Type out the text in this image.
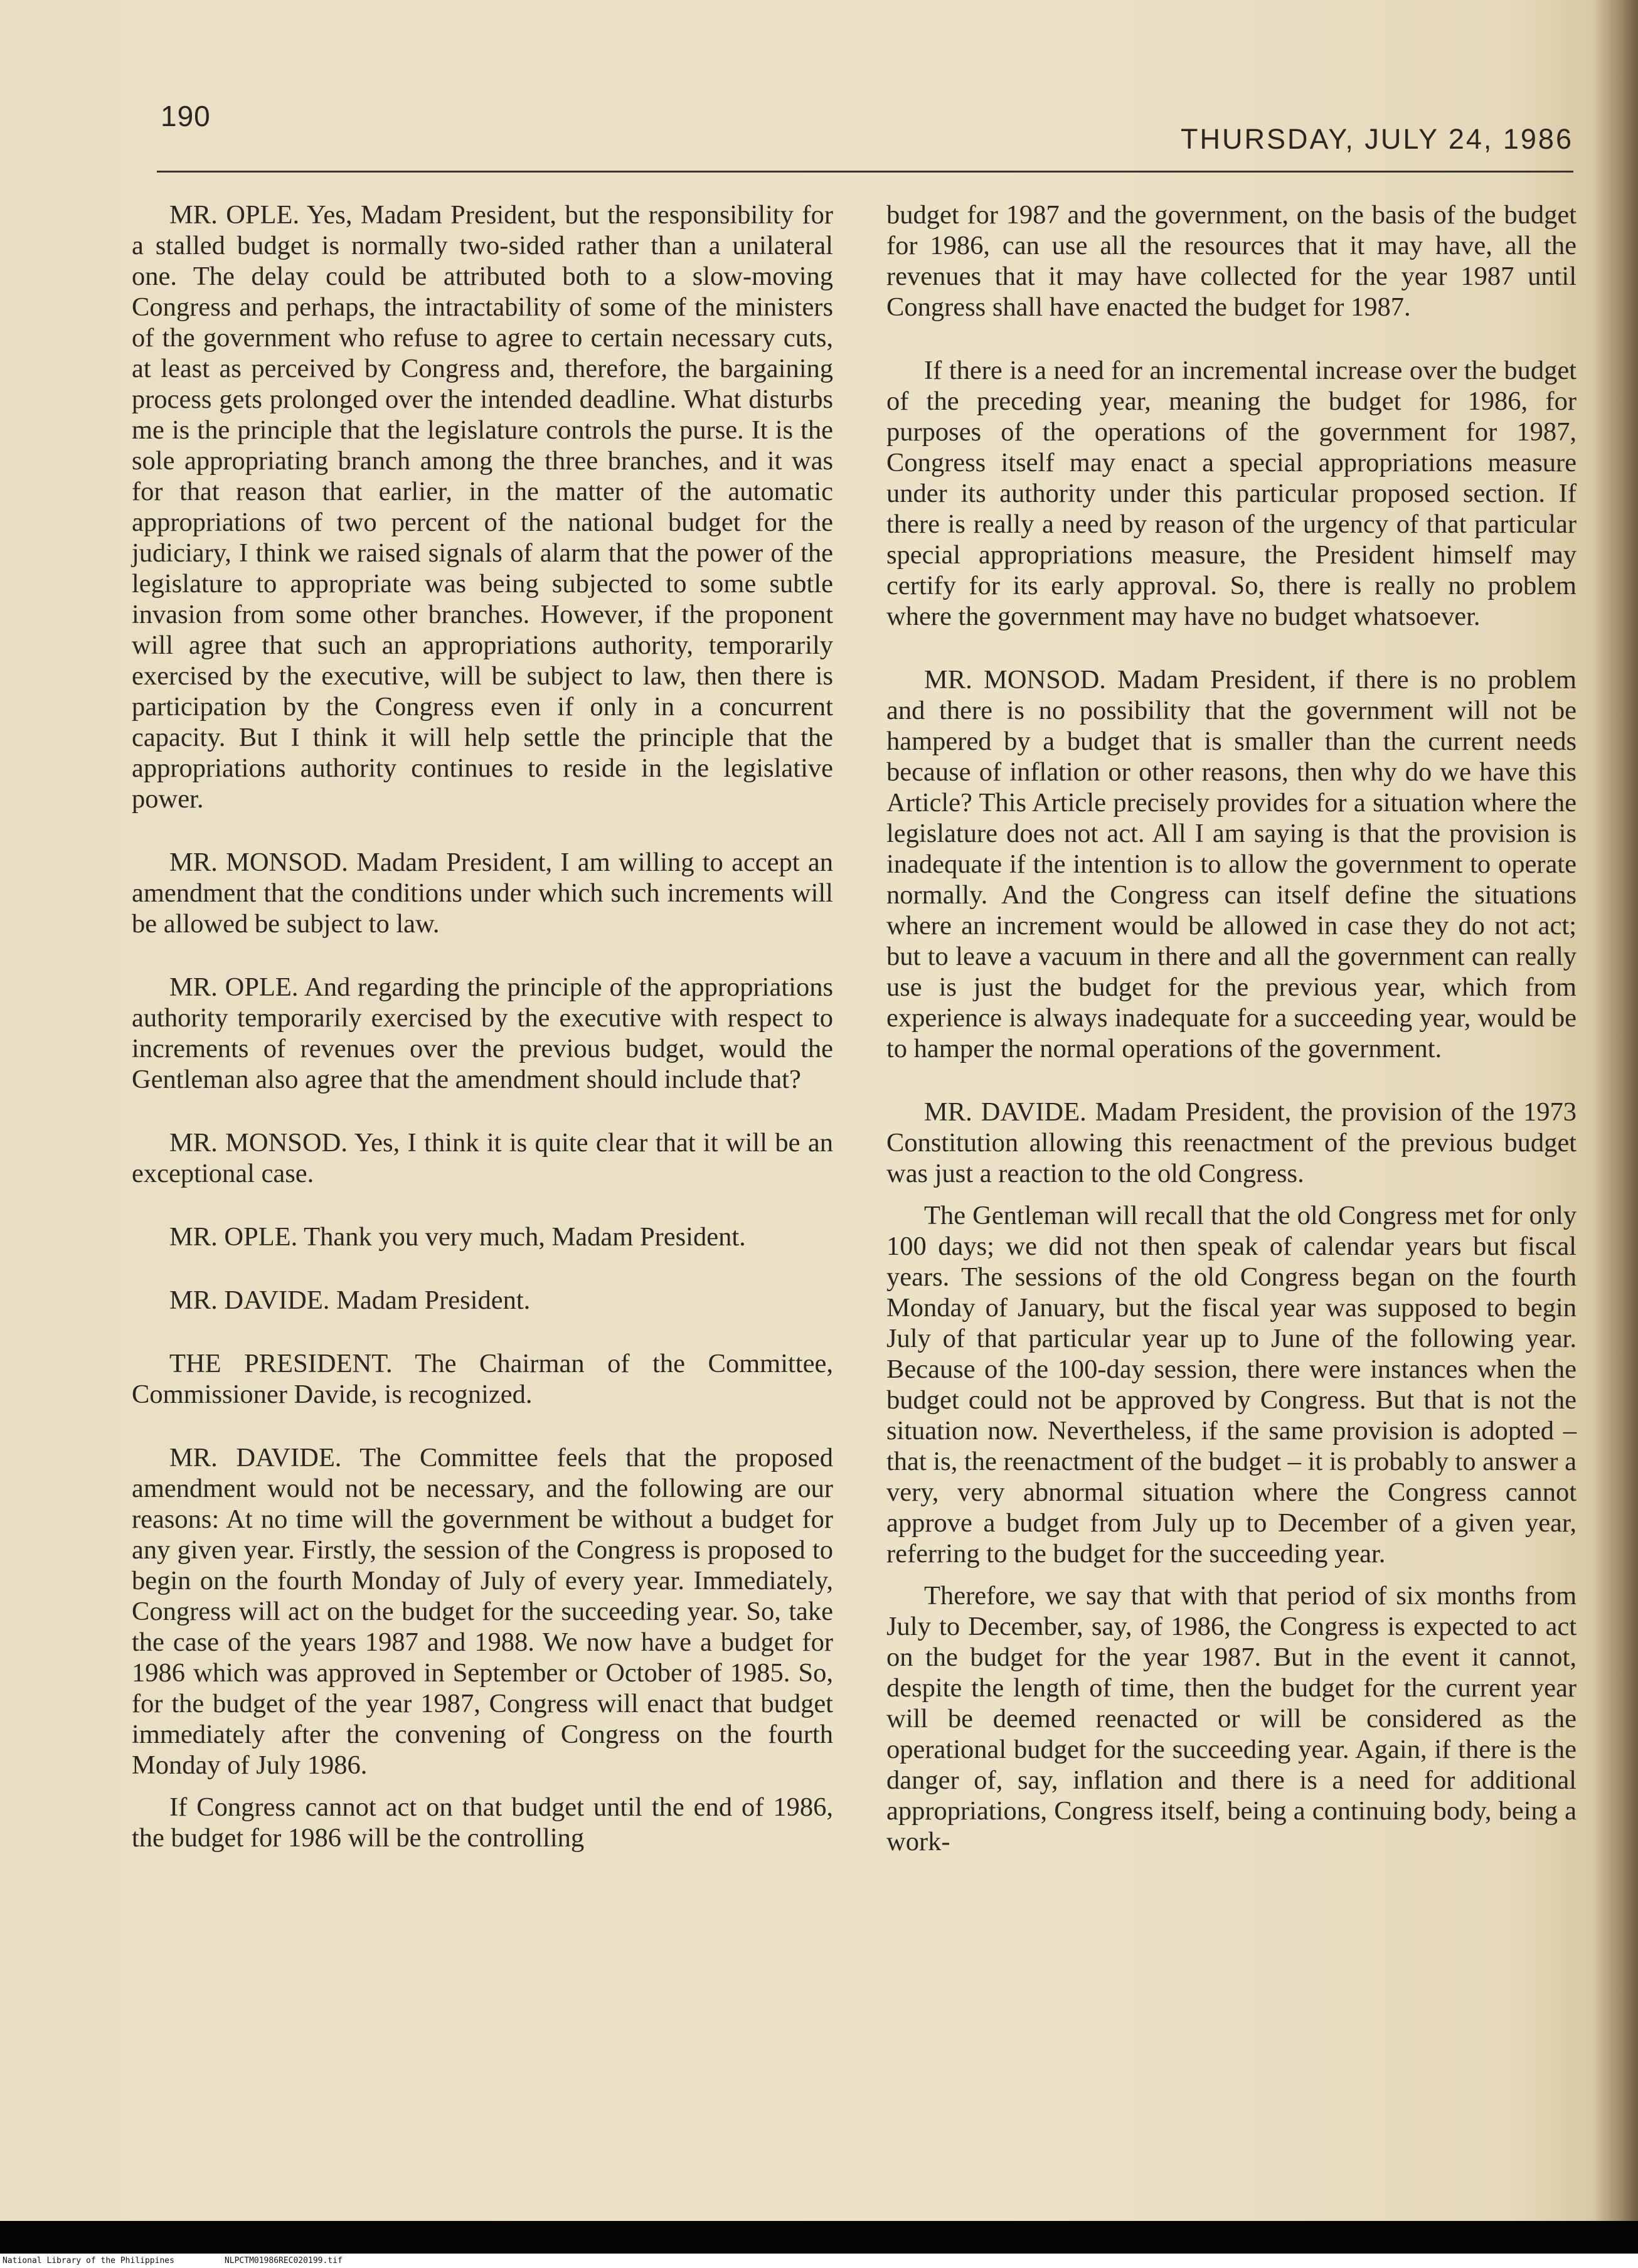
190
THURSDAY, JULY 24, 1986

MR. OPLE. Yes, Madam President, but the responsibility for a stalled budget is normally two-sided rather than a unilateral one. The delay could be attributed both to a slow-moving Congress and perhaps, the intractability of some of the ministers of the government who refuse to agree to certain necessary cuts, at least as perceived by Congress and, therefore, the bargaining process gets prolonged over the intended deadline. What disturbs me is the principle that the legislature controls the purse. It is the sole appropriating branch among the three branches, and it was for that reason that earlier, in the matter of the automatic appropriations of two percent of the national budget for the judiciary, I think we raised signals of alarm that the power of the legislature to appropriate was being subjected to some subtle invasion from some other branches. However, if the proponent will agree that such an appropriations authority, temporarily exercised by the executive, will be subject to law, then there is participation by the Congress even if only in a concurrent capacity. But I think it will help settle the principle that the appropriations authority continues to reside in the legislative power.

MR. MONSOD. Madam President, I am willing to accept an amendment that the conditions under which such increments will be allowed be subject to law.

MR. OPLE. And regarding the principle of the appropriations authority temporarily exercised by the executive with respect to increments of revenues over the previous budget, would the Gentleman also agree that the amendment should include that?

MR. MONSOD. Yes, I think it is quite clear that it will be an exceptional case.

MR. OPLE. Thank you very much, Madam President.

MR. DAVIDE. Madam President.

THE PRESIDENT. The Chairman of the Committee, Commissioner Davide, is recognized.

MR. DAVIDE. The Committee feels that the proposed amendment would not be necessary, and the following are our reasons: At no time will the government be without a budget for any given year. Firstly, the session of the Congress is proposed to begin on the fourth Monday of July of every year. Immediately, Congress will act on the budget for the succeeding year. So, take the case of the years 1987 and 1988. We now have a budget for 1986 which was approved in September or October of 1985. So, for the budget of the year 1987, Congress will enact that budget immediately after the convening of Congress on the fourth Monday of July 1986.

If Congress cannot act on that budget until the end of 1986, the budget for 1986 will be the controlling

budget for 1987 and the government, on the basis of the budget for 1986, can use all the resources that it may have, all the revenues that it may have collected for the year 1987 until Congress shall have enacted the budget for 1987.

If there is a need for an incremental increase over the budget of the preceding year, meaning the budget for 1986, for purposes of the operations of the government for 1987, Congress itself may enact a special appropriations measure under its authority under this particular proposed section. If there is really a need by reason of the urgency of that particular special appropriations measure, the President himself may certify for its early approval. So, there is really no problem where the government may have no budget whatsoever.

MR. MONSOD. Madam President, if there is no problem and there is no possibility that the government will not be hampered by a budget that is smaller than the current needs because of inflation or other reasons, then why do we have this Article? This Article precisely provides for a situation where the legislature does not act. All I am saying is that the provision is inadequate if the intention is to allow the government to operate normally. And the Congress can itself define the situations where an increment would be allowed in case they do not act; but to leave a vacuum in there and all the government can really use is just the budget for the previous year, which from experience is always inadequate for a succeeding year, would be to hamper the normal operations of the government.

MR. DAVIDE. Madam President, the provision of the 1973 Constitution allowing this reenactment of the previous budget was just a reaction to the old Congress.

The Gentleman will recall that the old Congress met for only 100 days; we did not then speak of calendar years but fiscal years. The sessions of the old Congress began on the fourth Monday of January, but the fiscal year was supposed to begin July of that particular year up to June of the following year. Because of the 100-day session, there were instances when the budget could not be approved by Congress. But that is not the situation now. Nevertheless, if the same provision is adopted – that is, the reenactment of the budget – it is probably to answer a very, very abnormal situation where the Congress cannot approve a budget from July up to December of a given year, referring to the budget for the succeeding year.

Therefore, we say that with that period of six months from July to December, say, of 1986, the Congress is expected to act on the budget for the year 1987. But in the event it cannot, despite the length of time, then the budget for the current year will be deemed reenacted or will be considered as the operational budget for the succeeding year. Again, if there is the danger of, say, inflation and there is a need for additional appropriations, Congress itself, being a continuing body, being a work-

National Library of the Philippines	NLPCTM01986REC020199.tif
